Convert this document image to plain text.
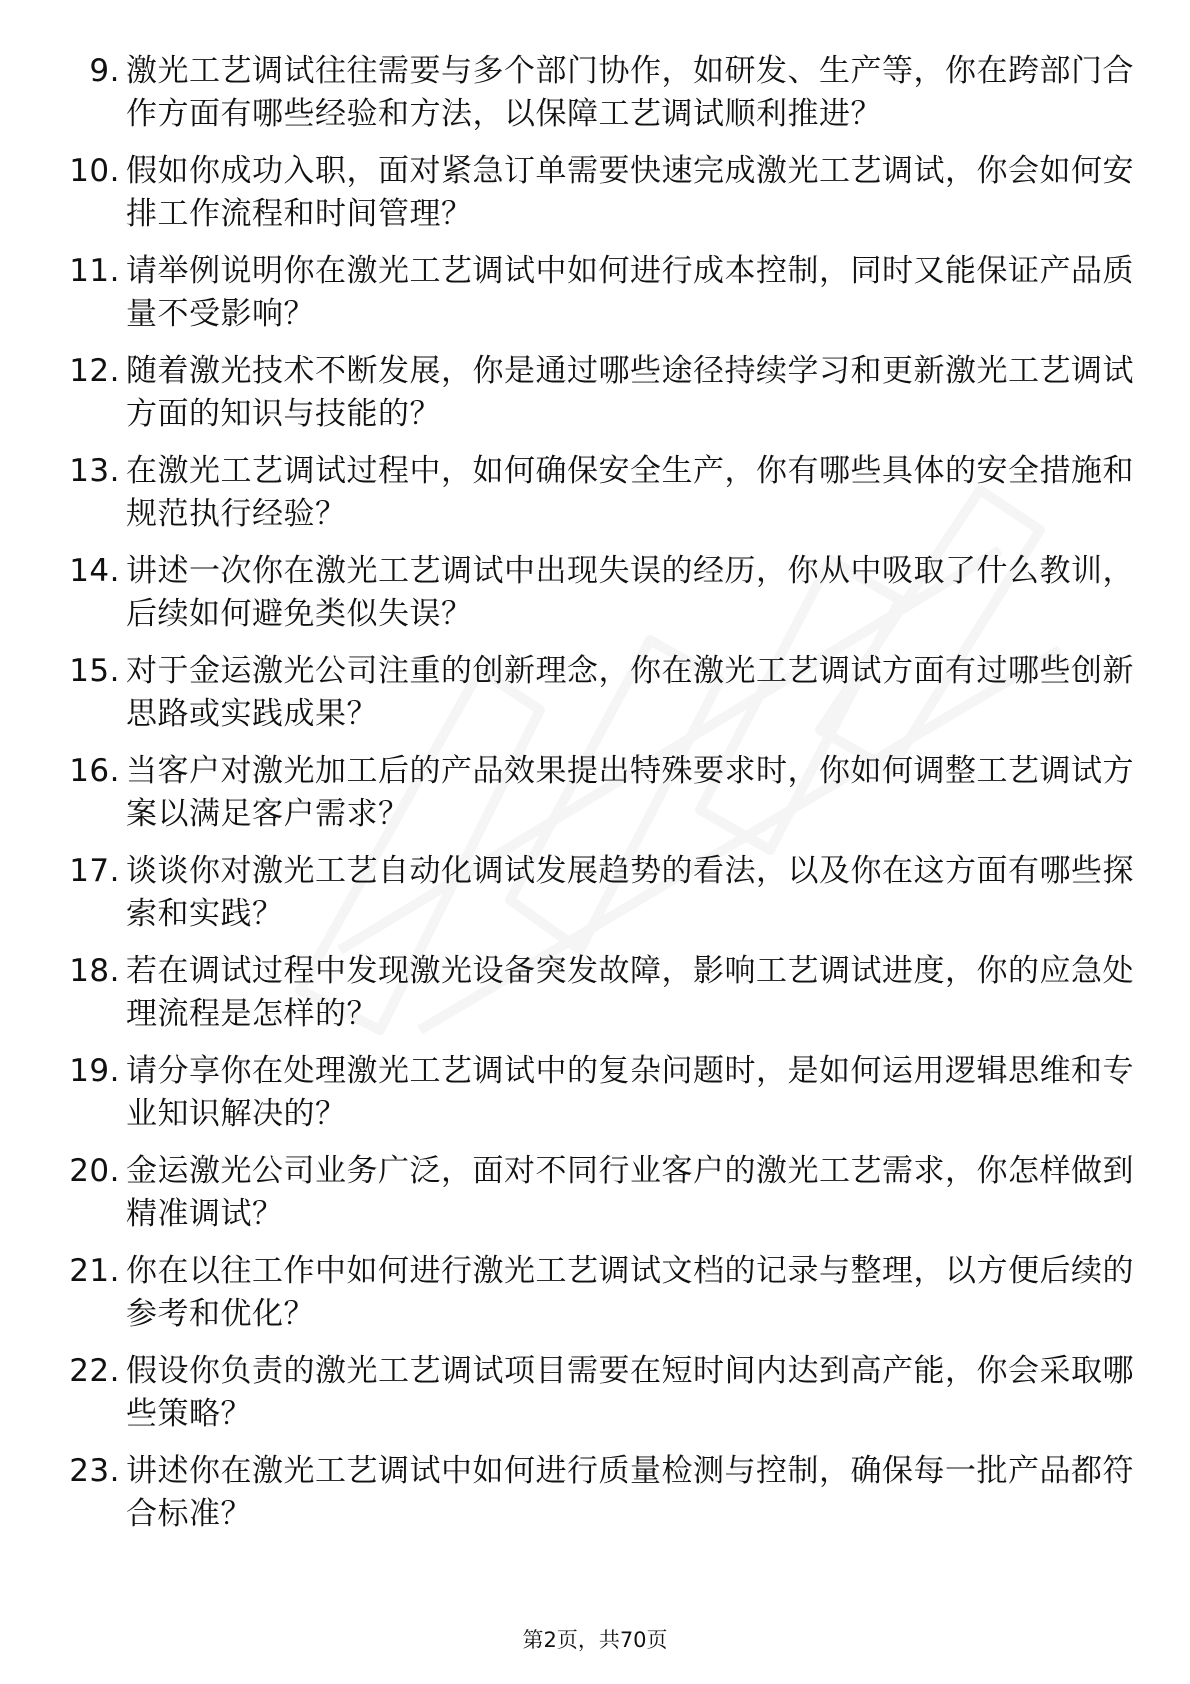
9. 激光工艺调试往往需要与多个部门协作，如研发、生产等，你在跨部门合作方面有哪些经验和方法，以保障工艺调试顺利推进？
10. 假如你成功入职，面对紧急订单需要快速完成激光工艺调试，你会如何安排工作流程和时间管理？
11. 请举例说明你在激光工艺调试中如何进行成本控制，同时又能保证产品质量不受影响？
12. 随着激光技术不断发展，你是通过哪些途径持续学习和更新激光工艺调试方面的知识与技能的？
13. 在激光工艺调试过程中，如何确保安全生产，你有哪些具体的安全措施和规范执行经验？
14. 讲述一次你在激光工艺调试中出现失误的经历，你从中吸取了什么教训，后续如何避免类似失误？
15. 对于金运激光公司注重的创新理念，你在激光工艺调试方面有过哪些创新思路或实践成果？
16. 当客户对激光加工后的产品效果提出特殊要求时，你如何调整工艺调试方案以满足客户需求？
17. 谈谈你对激光工艺自动化调试发展趋势的看法，以及你在这方面有哪些探索和实践？
18. 若在调试过程中发现激光设备突发故障，影响工艺调试进度，你的应急处理流程是怎样的？
19. 请分享你在处理激光工艺调试中的复杂问题时，是如何运用逻辑思维和专业知识解决的？
20. 金运激光公司业务广泛，面对不同行业客户的激光工艺需求，你怎样做到精准调试？
21. 你在以往工作中如何进行激光工艺调试文档的记录与整理，以方便后续的参考和优化？
22. 假设你负责的激光工艺调试项目需要在短时间内达到高产能，你会采取哪些策略？
23. 讲述你在激光工艺调试中如何进行质量检测与控制，确保每一批产品都符合标准？
第2页，共70页
